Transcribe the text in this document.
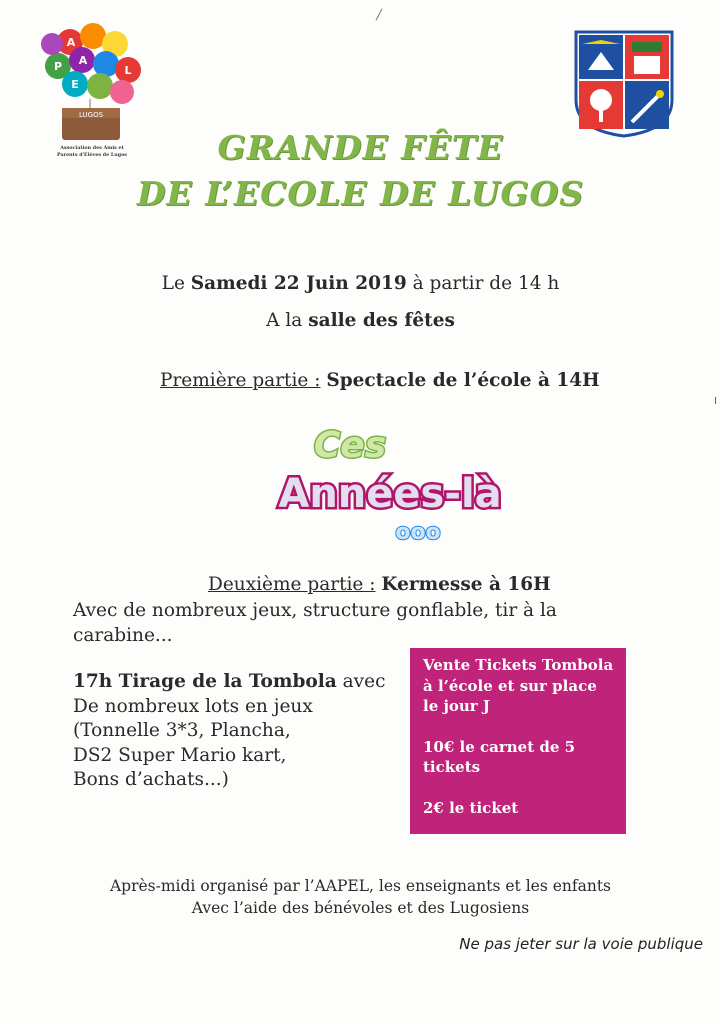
A
A
P
E
L
LUGOS
Association des Amis et
Parents d'Élèves de Lugos	GRANDE FÊTE
DE L’ECOLE DE LUGOS
Le Samedi 22 Juin 2019 à partir de 14 h
A la salle des fêtes
Première partie : Spectacle de l’école à 14H
Ces
Années-là
ooo
Deuxième partie : Kermesse à 16H
Avec de nombreux jeux, structure gonflable, tir à la
carabine...
17h Tirage de la Tombola avec
De nombreux lots en jeux
(Tonnelle 3*3, Plancha,
DS2 Super Mario kart,
Bons d’achats...)
Vente Tickets Tombola à l’école et sur place le jour J
10€ le carnet de 5 tickets
2€ le ticket
Après-midi organisé par l’AAPEL, les enseignants et les enfants
Avec l’aide des bénévoles et des Lugosiens
Ne pas jeter sur la voie publique
╱
╷
